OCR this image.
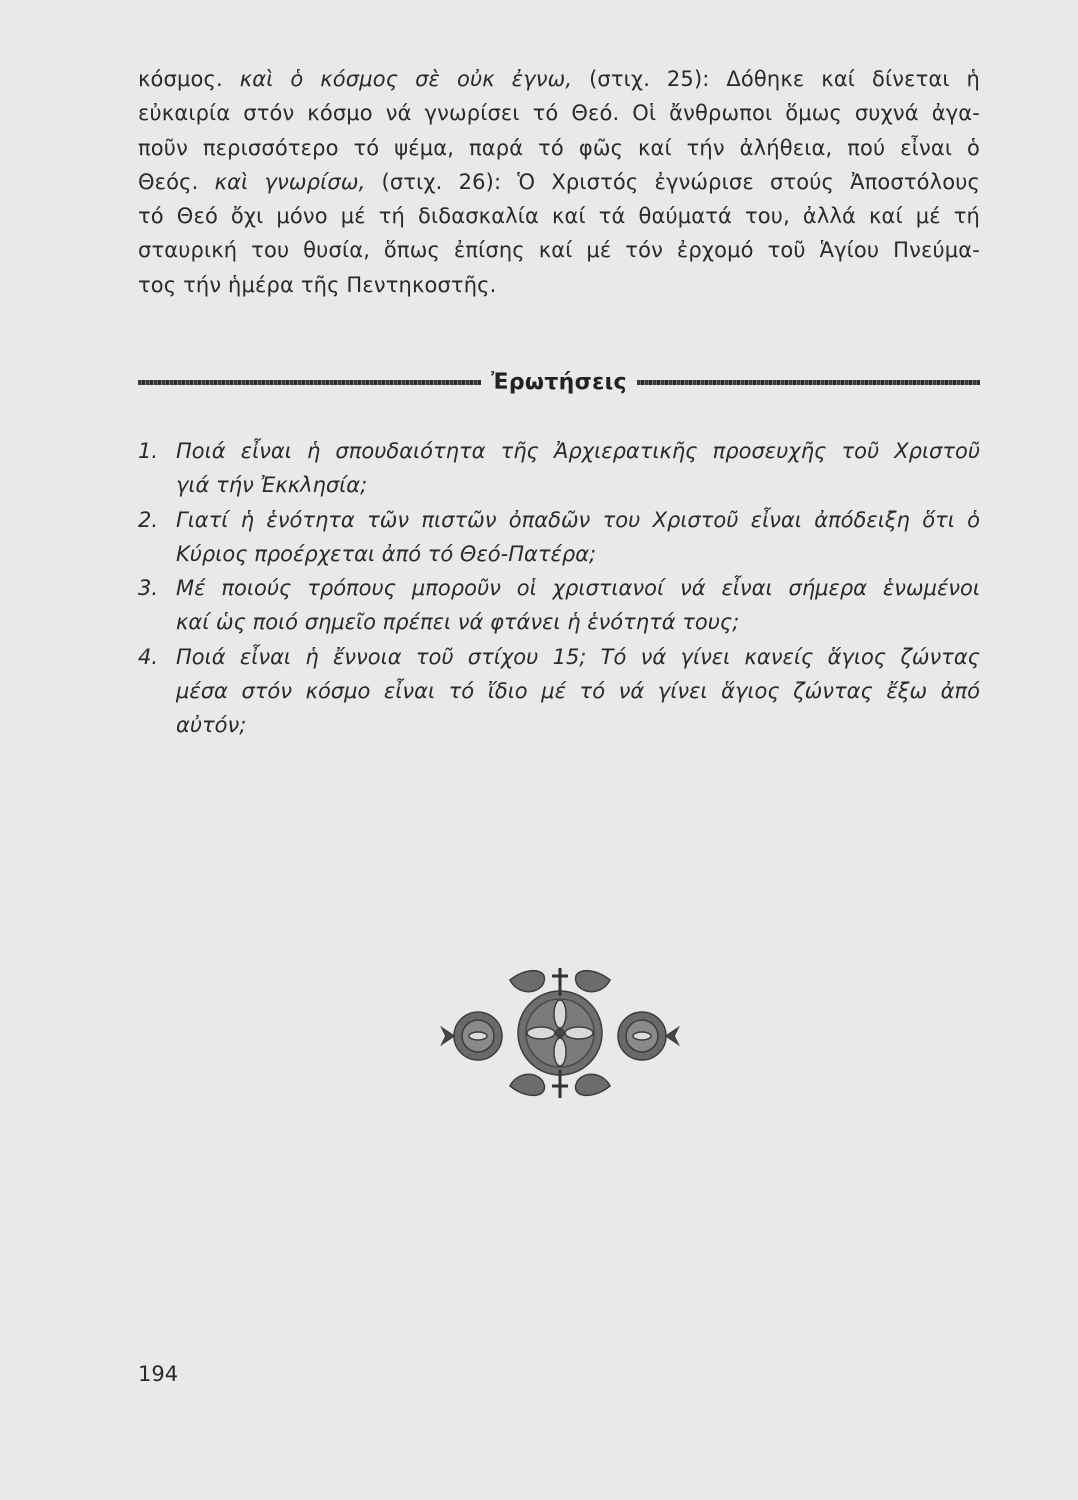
κόσμος. καὶ ὁ κόσμος σὲ οὐκ ἐγνω, (στιχ. 25): Δόθηκε καί δίνεται ἡ
εὐκαιρία στόν κόσμο νά γνωρίσει τό Θεό. Οἱ ἄνθρωποι ὅμως συχνά ἀγα-
ποῦν περισσότερο τό ψέμα, παρά τό φῶς καί τήν ἀλήθεια, πού εἶναι ὁ
Θεός. καὶ γνωρίσω, (στιχ. 26): Ὁ Χριστός ἐγνώρισε στούς Ἀποστόλους
τό Θεό ὄχι μόνο μέ τή διδασκαλία καί τά θαύματά του, ἀλλά καί μέ τή
σταυρική του θυσία, ὅπως ἐπίσης καί μέ τόν ἐρχομό τοῦ Ἁγίου Πνεύμα-
τος τήν ἡμέρα τῆς Πεντηκοστῆς.
Ἐρωτήσεις
1. Ποιά εἶναι ἡ σπουδαιότητα τῆς Ἀρχιερατικῆς προσευχῆς τοῦ Χριστοῦ
γιά τήν Ἐκκλησία;
2. Γιατί ἡ ἑνότητα τῶν πιστῶν ὀπαδῶν του Χριστοῦ εἶναι ἀπόδειξη ὅτι ὁ
Κύριος προέρχεται ἀπό τό Θεό-Πατέρα;
3. Μέ ποιούς τρόπους μποροῦν οἱ χριστιανοί νά εἶναι σήμερα ἑνωμένοι
καί ὡς ποιό σημεῖο πρέπει νά φτάνει ἡ ἑνότητά τους;
4. Ποιά εἶναι ἡ ἔννοια τοῦ στίχου 15; Τό νά γίνει κανείς ἅγιος ζώντας
μέσα στόν κόσμο εἶναι τό ἴδιο μέ τό νά γίνει ἅγιος ζώντας ἔξω ἀπό
αὐτόν;
194
